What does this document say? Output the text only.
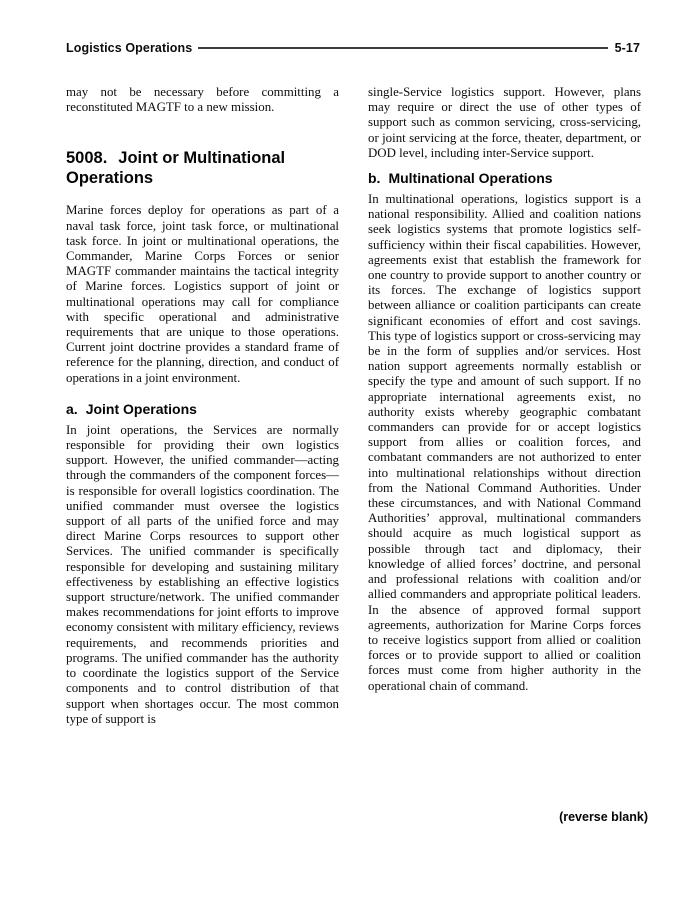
Logistics Operations	5-17

may not be necessary before committing a reconstituted MAGTF to a new mission.

5008. Joint or Multinational Operations

Marine forces deploy for operations as part of a naval task force, joint task force, or multinational task force. In joint or multinational operations, the Commander, Marine Corps Forces or senior MAGTF commander maintains the tactical integrity of Marine forces. Logistics support of joint or multinational operations may call for compliance with specific operational and administrative requirements that are unique to those operations. Current joint doctrine provides a standard frame of reference for the planning, direction, and conduct of operations in a joint environment.

a. Joint Operations

In joint operations, the Services are normally responsible for providing their own logistics support. However, the unified commander—acting through the commanders of the component forces—is responsible for overall logistics coordination. The unified commander must oversee the logistics support of all parts of the unified force and may direct Marine Corps resources to support other Services. The unified commander is specifically responsible for developing and sustaining military effectiveness by establishing an effective logistics support structure/network. The unified commander makes recommendations for joint efforts to improve economy consistent with military efficiency, reviews requirements, and recommends priorities and programs. The unified commander has the authority to coordinate the logistics support of the Service components and to control distribution of that support when shortages occur. The most common type of support is

single-Service logistics support. However, plans may require or direct the use of other types of support such as common servicing, cross-servicing, or joint servicing at the force, theater, department, or DOD level, including inter-Service support.

b. Multinational Operations

In multinational operations, logistics support is a national responsibility. Allied and coalition nations seek logistics systems that promote logistics self-sufficiency within their fiscal capabilities. However, agreements exist that establish the framework for one country to provide support to another country or its forces. The exchange of logistics support between alliance or coalition participants can create significant economies of effort and cost savings. This type of logistics support or cross-servicing may be in the form of supplies and/or services. Host nation support agreements normally establish or specify the type and amount of such support. If no appropriate international agreements exist, no authority exists whereby geographic combatant commanders can provide for or accept logistics support from allies or coalition forces, and combatant commanders are not authorized to enter into multinational relationships without direction from the National Command Authorities. Under these circumstances, and with National Command Authorities’ approval, multinational commanders should acquire as much logistical support as possible through tact and diplomacy, their knowledge of allied forces’ doctrine, and personal and professional relations with coalition and/or allied commanders and appropriate political leaders. In the absence of approved formal support agreements, authorization for Marine Corps forces to receive logistics support from allied or coalition forces or to provide support to allied or coalition forces must come from higher authority in the operational chain of command.

(reverse blank)
